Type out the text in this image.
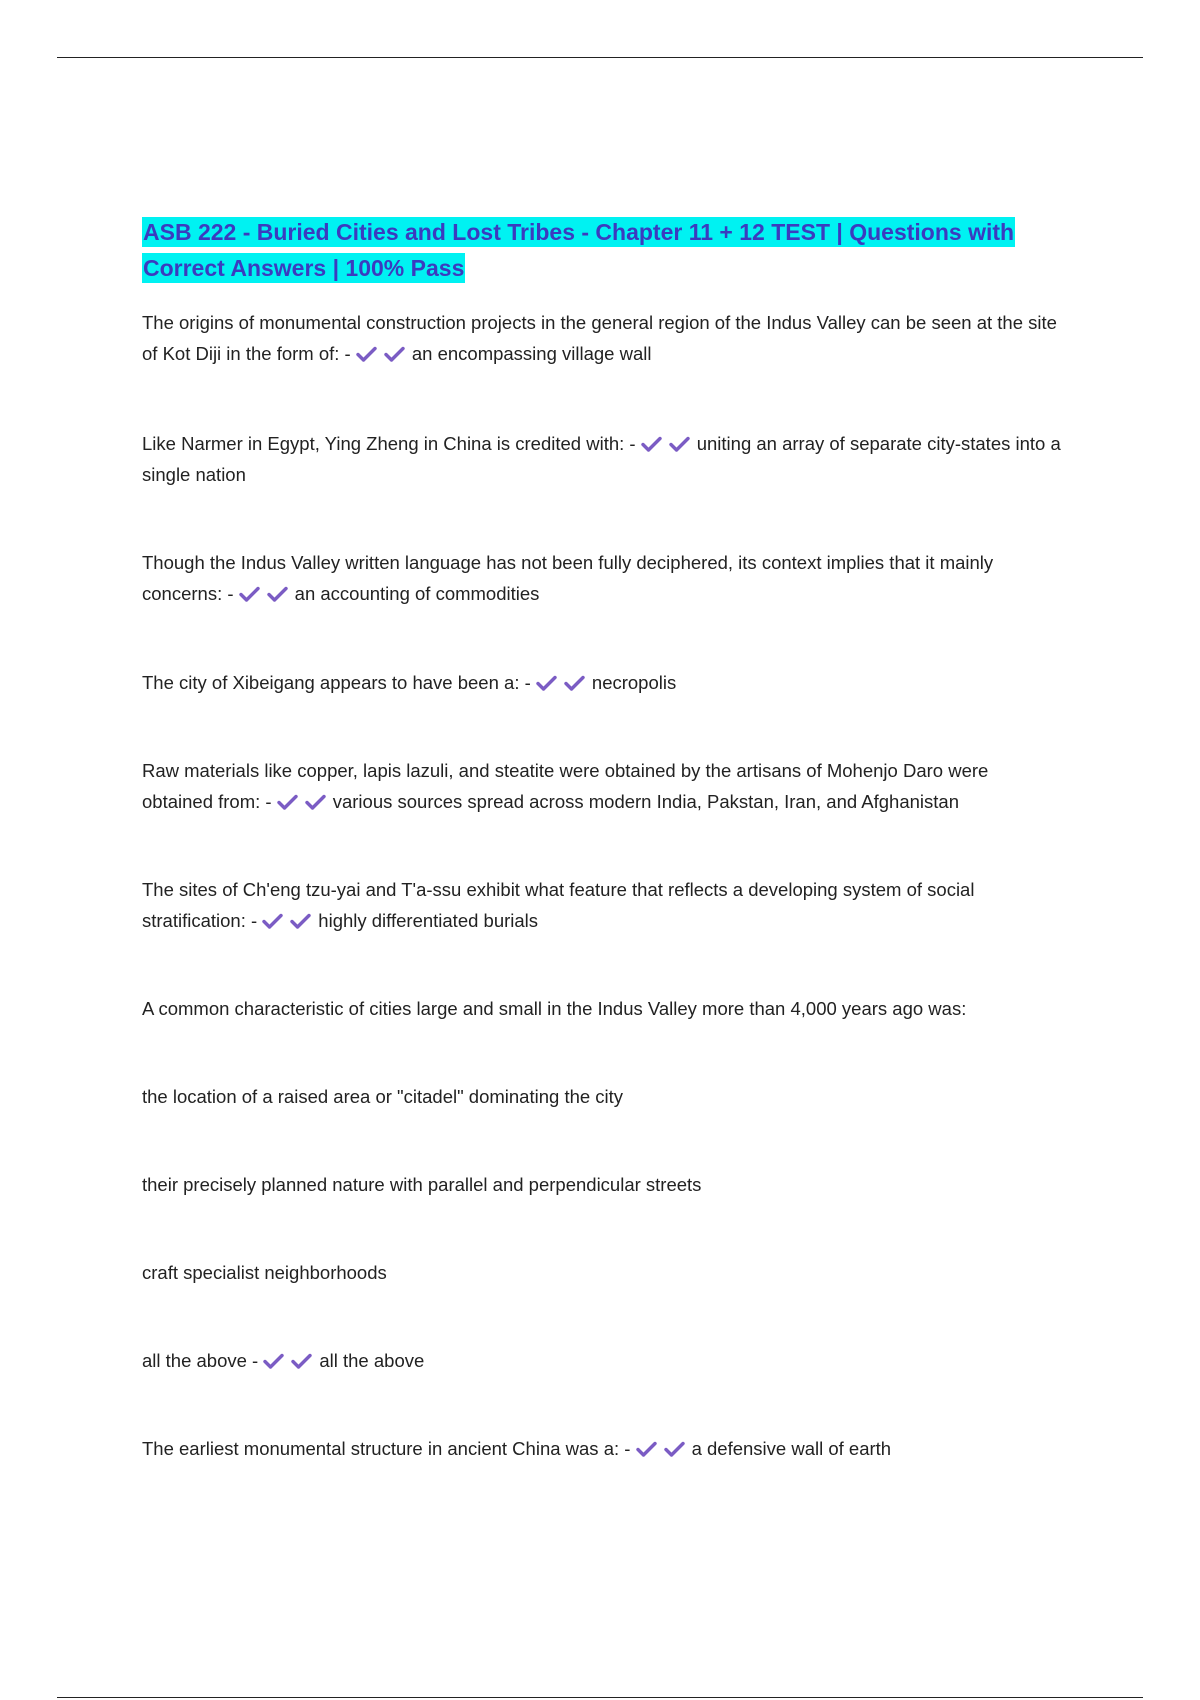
ASB 222 - Buried Cities and Lost Tribes - Chapter 11 + 12 TEST | Questions with Correct Answers | 100% Pass

The origins of monumental construction projects in the general region of the Indus Valley can be seen at the site of Kot Diji in the form of: -	an encompassing village wall

Like Narmer in Egypt, Ying Zheng in China is credited with: -	uniting an array of separate city-states into a single nation

Though the Indus Valley written language has not been fully deciphered, its context implies that it mainly concerns: -	an accounting of commodities

The city of Xibeigang appears to have been a: -	necropolis

Raw materials like copper, lapis lazuli, and steatite were obtained by the artisans of Mohenjo Daro were obtained from: -	various sources spread across modern India, Pakstan, Iran, and Afghanistan

The sites of Ch'eng tzu-yai and T'a-ssu exhibit what feature that reflects a developing system of social stratification: -	highly differentiated burials

A common characteristic of cities large and small in the Indus Valley more than 4,000 years ago was:

the location of a raised area or "citadel" dominating the city

their precisely planned nature with parallel and perpendicular streets

craft specialist neighborhoods

all the above -	all the above

The earliest monumental structure in ancient China was a: -	a defensive wall of earth
